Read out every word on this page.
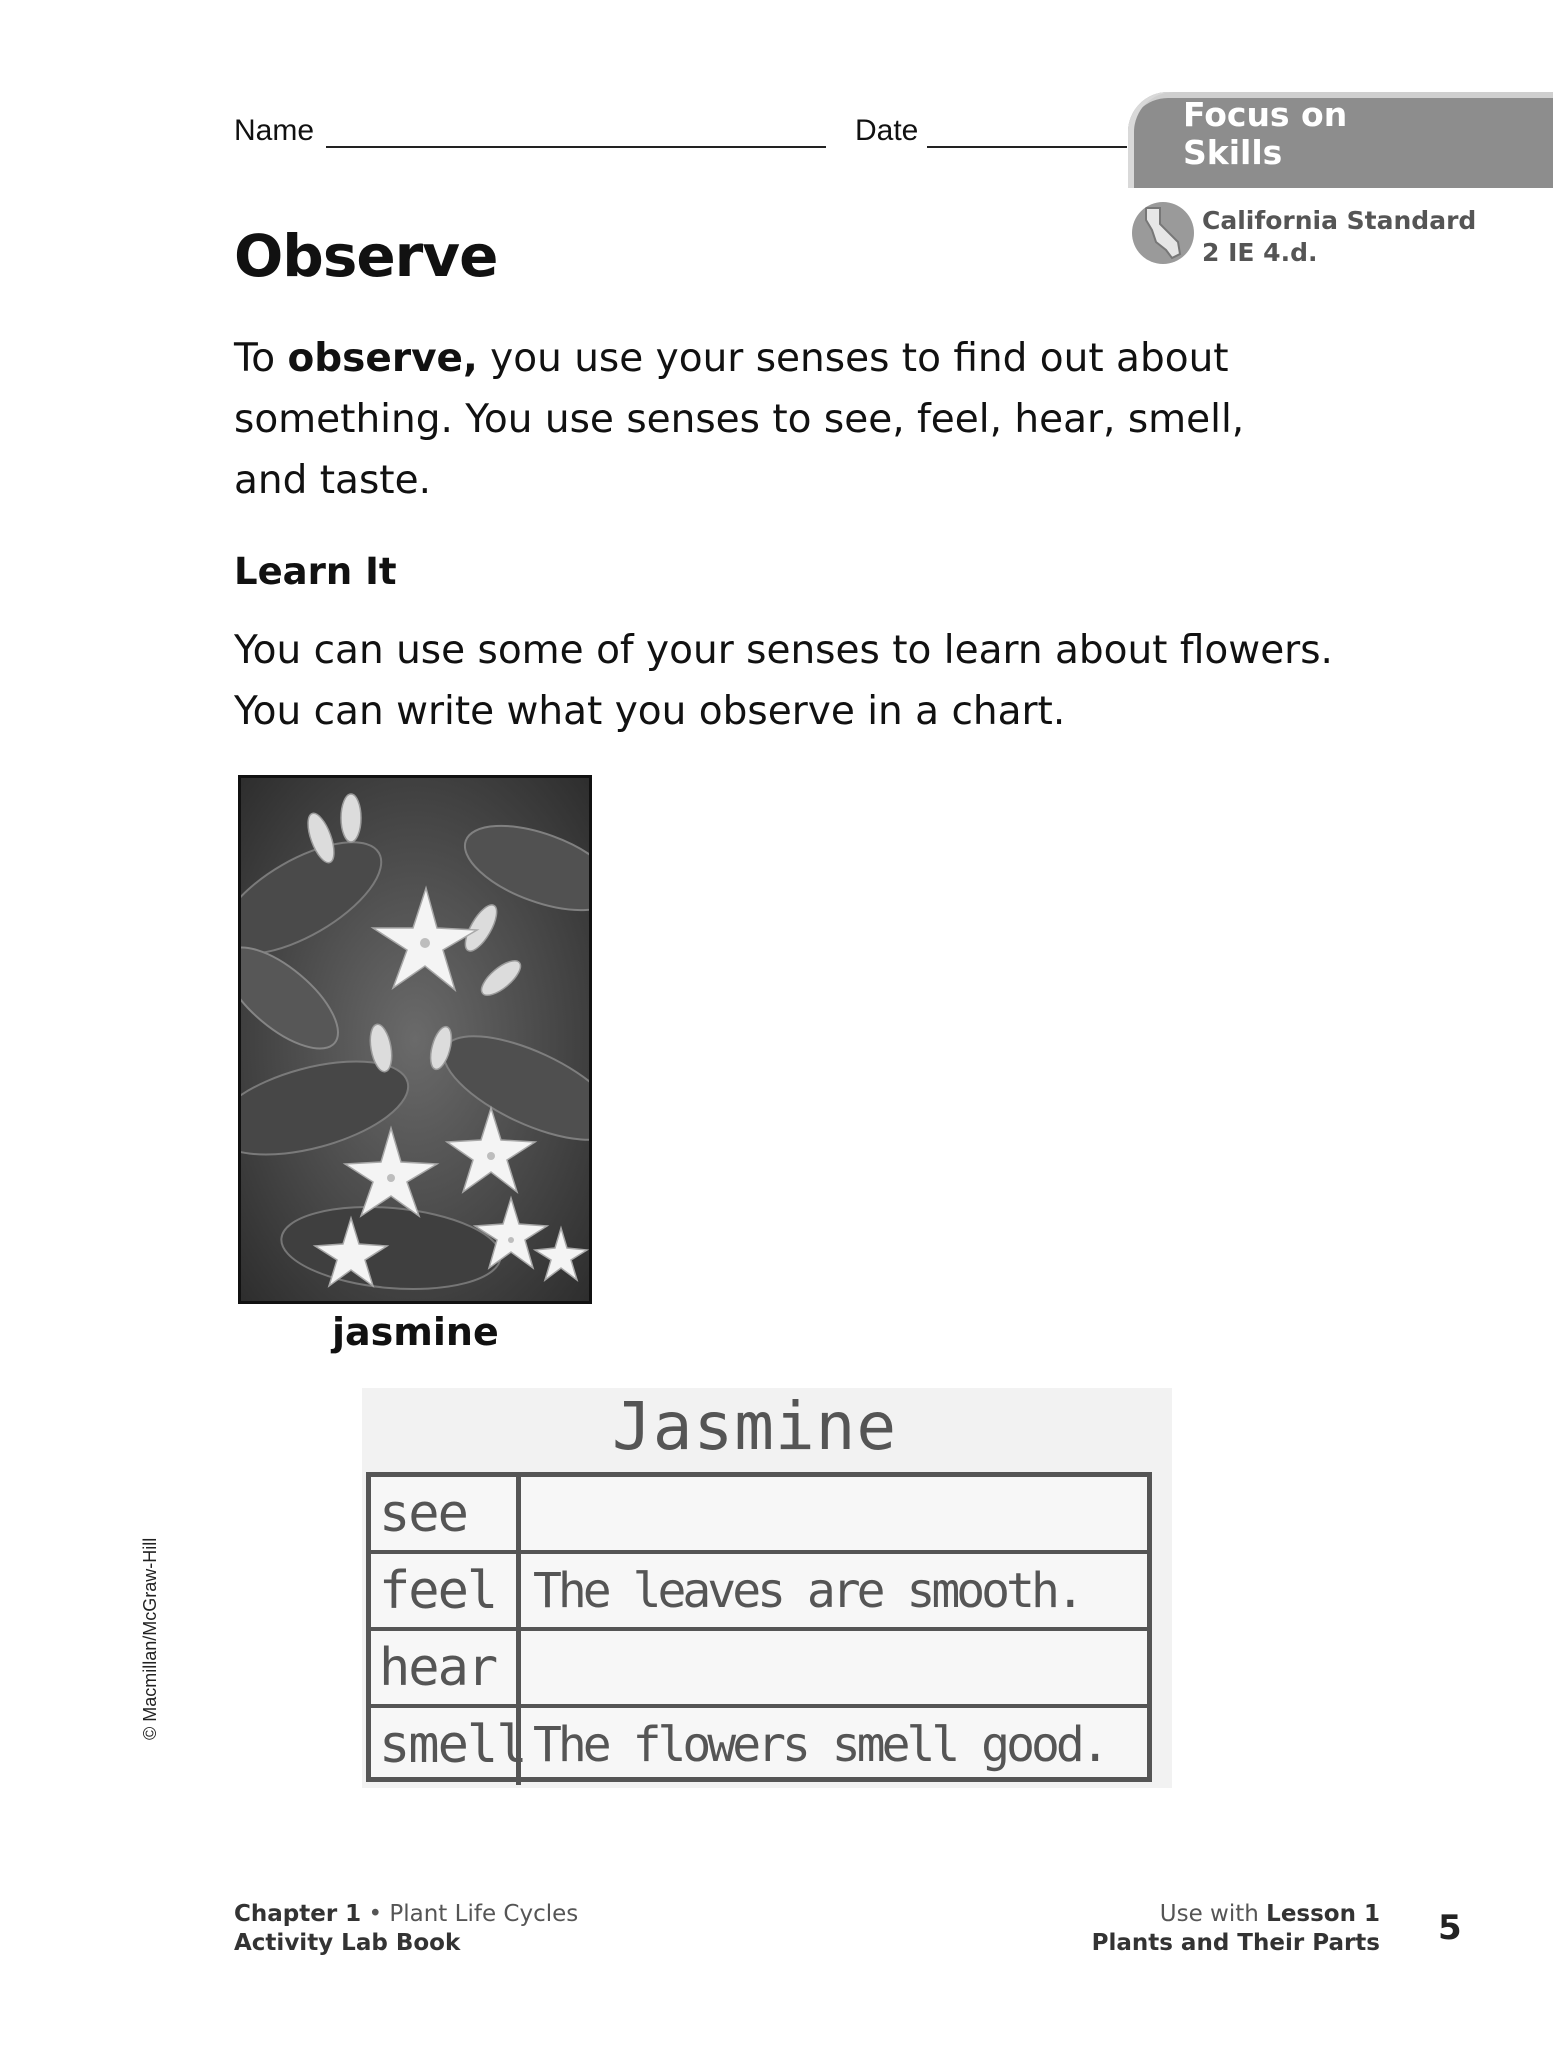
Name	Date	Focus on
Skills
California Standard
2 IE 4.d.
Observe
To observe, you use your senses to find out about
something. You use senses to see, feel, hear, smell,
and taste.
Learn It
You can use some of your senses to learn about flowers.
You can write what you observe in a chart.
jasmine
Jasmine
see
feel The leaves are smooth.
hear
smell The flowers smell good.
© Macmillan/McGraw-Hill
Chapter 1 • Plant Life Cycles
Activity Lab Book
Use with Lesson 1
Plants and Their Parts 5
